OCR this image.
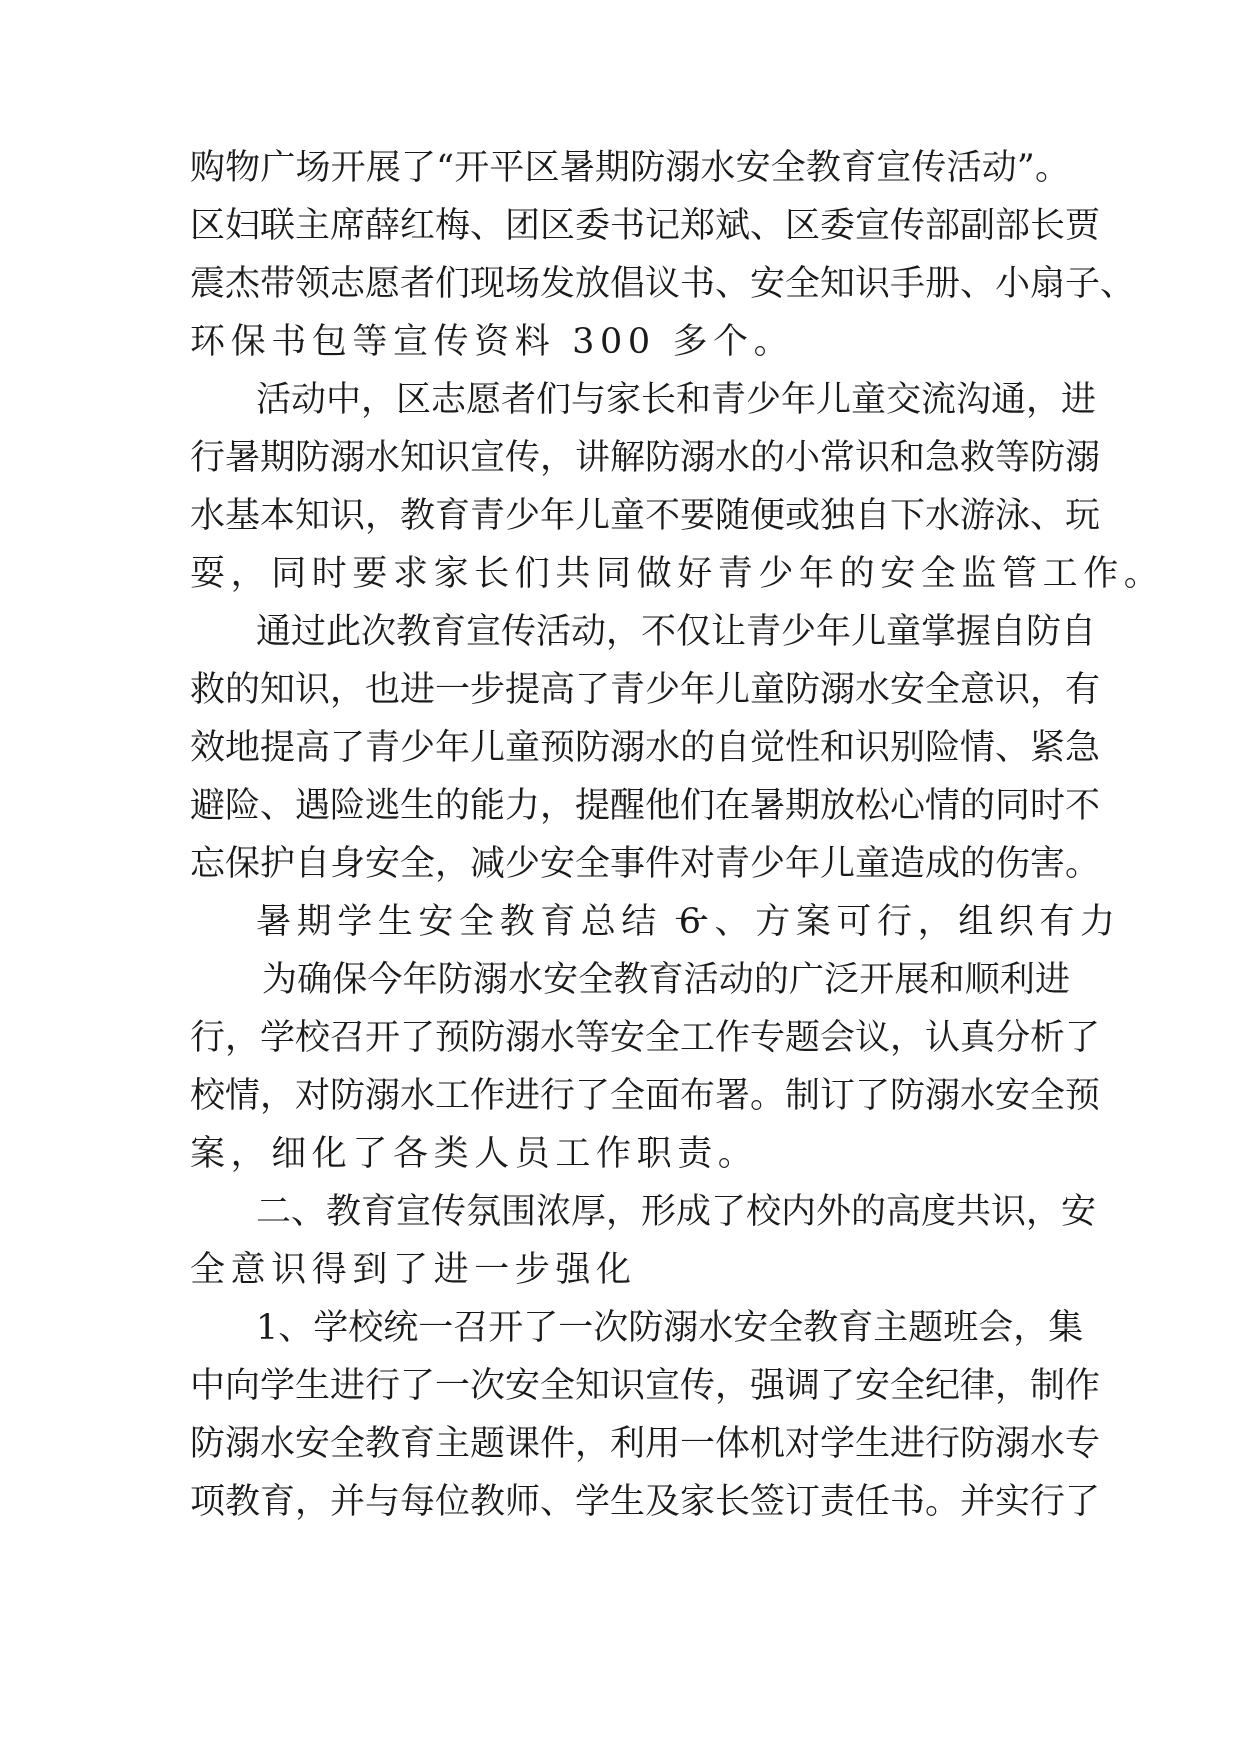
购物广场开展了“开平区暑期防溺水安全教育宣传活动”。
区妇联主席薛红梅、团区委书记郑斌、区委宣传部副部长贾
震杰带领志愿者们现场发放倡议书、安全知识手册、小扇子、
环保书包等宣传资料 300 多个。
活动中，区志愿者们与家长和青少年儿童交流沟通，进
行暑期防溺水知识宣传，讲解防溺水的小常识和急救等防溺
水基本知识，教育青少年儿童不要随便或独自下水游泳、玩
耍，同时要求家长们共同做好青少年的安全监管工作。
通过此次教育宣传活动，不仅让青少年儿童掌握自防自
救的知识，也进一步提高了青少年儿童防溺水安全意识，有
效地提高了青少年儿童预防溺水的自觉性和识别险情、紧急
避险、遇险逃生的能力，提醒他们在暑期放松心情的同时不
忘保护自身安全，减少安全事件对青少年儿童造成的伤害。
暑期学生安全教育总结 6
一、方案可行，组织有力
为确保今年防溺水安全教育活动的广泛开展和顺利进
行，学校召开了预防溺水等安全工作专题会议，认真分析了
校情，对防溺水工作进行了全面布署。制订了防溺水安全预
案，细化了各类人员工作职责。
二、教育宣传氛围浓厚，形成了校内外的高度共识，安
全意识得到了进一步强化
1、学校统一召开了一次防溺水安全教育主题班会，集
中向学生进行了一次安全知识宣传，强调了安全纪律，制作
防溺水安全教育主题课件，利用一体机对学生进行防溺水专
项教育，并与每位教师、学生及家长签订责任书。并实行了
